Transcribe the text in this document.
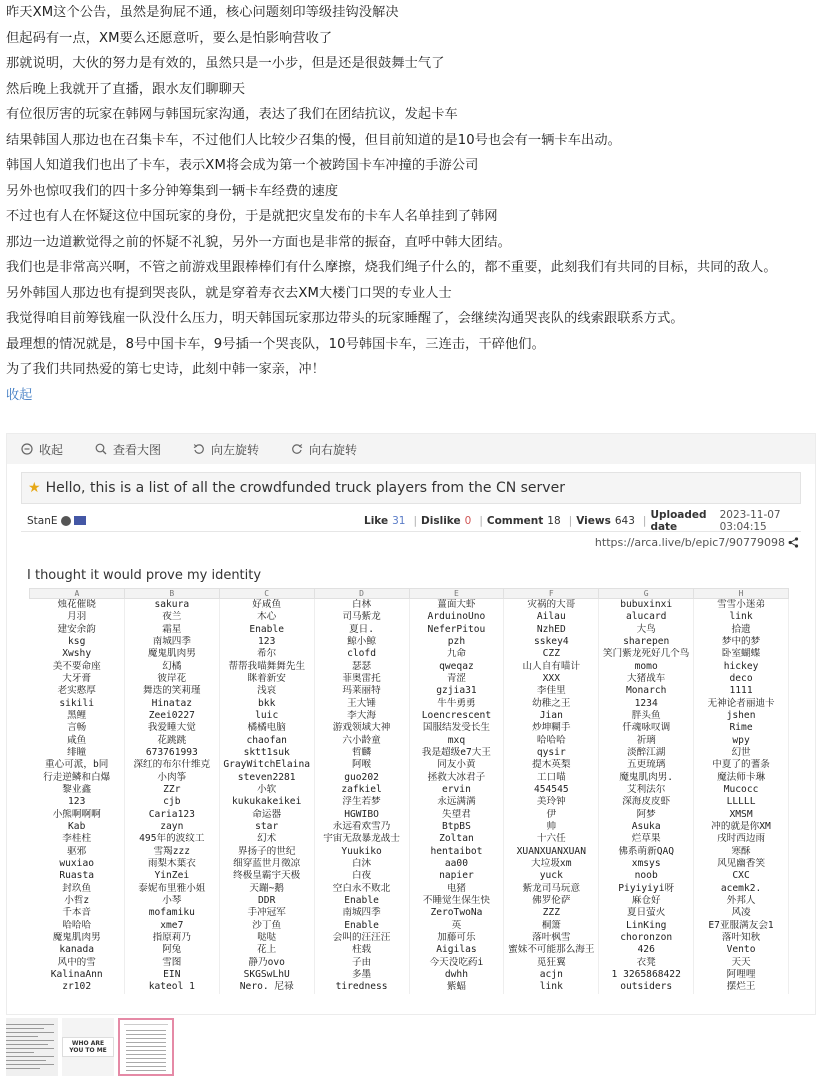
昨天XM这个公告，虽然是狗屁不通，核心问题刻印等级挂钩没解决
但起码有一点，XM要么还愿意听，要么是怕影响营收了
那就说明，大伙的努力是有效的，虽然只是一小步，但是还是很鼓舞士气了
然后晚上我就开了直播，跟水友们聊聊天
有位很厉害的玩家在韩网与韩国玩家沟通，表达了我们在团结抗议，发起卡车
结果韩国人那边也在召集卡车，不过他们人比较少召集的慢，但目前知道的是10号也会有一辆卡车出动。
韩国人知道我们也出了卡车，表示XM将会成为第一个被跨国卡车冲撞的手游公司
另外也惊叹我们的四十多分钟筹集到一辆卡车经费的速度
不过也有人在怀疑这位中国玩家的身份，于是就把灾皇发布的卡车人名单挂到了韩网
那边一边道歉觉得之前的怀疑不礼貌，另外一方面也是非常的振奋，直呼中韩大团结。
我们也是非常高兴啊，不管之前游戏里跟棒棒们有什么摩擦，烧我们绳子什么的，都不重要，此刻我们有共同的目标，共同的敌人。
另外韩国人那边也有提到哭丧队，就是穿着寿衣去XM大楼门口哭的专业人士
我觉得咱目前筹钱雇一队没什么压力，明天韩国玩家那边带头的玩家睡醒了，会继续沟通哭丧队的线索跟联系方式。
最理想的情况就是，8号中国卡车，9号插一个哭丧队，10号韩国卡车，三连击，干碎他们。
为了我们共同热爱的第七史诗，此刻中韩一家亲，冲！
收起
收起	查看大图	向左旋转	向右旋转
★ Hello, this is a list of all the crowdfunded truck players from the CN server
StanE	Like 31 | Dislike 0 | Comment 18 | Views 643 | Uploaded date
2023-11-07 03:04:15
https://arca.live/b/epic7/90779098
I thought it would prove my identity
A	B	C	D	E	F	G	H
烛花催晓	sakura	好咸鱼	白林	薑面大虾	灾祸的大哥	bubuxinxi	雪雪小迷弟
月羽	夜兰	木心	司马紫龙	ArduinoUno	Ailau	alucard	link
建安余韵	霜星	Enable	夏日.	NeferPitou	NzhED	大鸟	拾遗
ksg	南城四季	123	鲸小鲸	pzh	sskey4	sharepen	梦中的梦
Xwshy	魔鬼肌肉男	希尔	clofd	九命	CZZ	笑门紫龙死好几个鸟	卧室蝴蝶
美不要命座	幻橘	帮帮我喵舞舞先生	瑟瑟	qweqaz	山人自有喵计	momo	hickey
大牙膏	彼岸花	眯着新安	菲奥雷托	青涩	XXX	大猪战车	deco
老实憨厚	舞迭的笑莉瑾	浅哀	玛莱丽特	gzjia31	李佳里	Monarch	1111
sikili	Hinataz	bkk	王大锤	牛牛勇勇	幼稚之王	1234	无神论者丽迪卡
黑鲤	Zeei0227	luic	李大海	Loencrescent	Jian	胖头鱼	jshen
言畅	我爱睡大觉	橘橘电脑	游戏领域大神	国服结发受长生	炒坤糊手	仟魂咏叹调	Rime
咸鱼	花跳跳	chaofan	六小龄童	mxq	哈哈哈	祈璃	wpy
绯瞳	673761993	sktt1suk	哲麟	我是超级e7大王	qysir	淡醉江湖	幻世
重心可派，b同	深红的布尔什维克	GrayWitchElaina	阿喉	同友小黄	提木英梨	五更琉璃	中夏了的蓍条
行走逆鳞和白爆	小肉筝	steven2281	guo202	拯救大冰君子	工口喵	魔鬼肌肉男.	魔法师卡琳
黎业鑫	ZZr	小软	zafkiel	ervin	454545	艾利法尔	Mucocc
123	cjb	kukukakeikei	浮生若梦	永远满满	美玲钟	深海皮皮虾	LLLLL
小熊啊啊啊	Caria123	命运器	HGWIBO	失望君	伊	阿梦	XMSM
Kab	zayn	star	永远看欢雪乃	BtpBS	帅	Asuka	冲的就是你XM
李桂柱	495年的波纹工	幻术	宇宙无敌暴龙战士	Zoltan	十六任	烂草果	戌时西边雨
驱邪	雪羯zzz	界扬子的世纪	Yuukiko	hentaibot	XUANXUANXUAN	佛系萌新QAQ	寒酥
wuxiao	雨梨木葉衣	细穿蓝世月徵凉	白沐	aa00	大垃圾xm	xmsys	风见幽香笑
Ruasta	YinZei	终极皇霸宇天极	白夜	napier	yuck	noob	CXC
封玖鱼	泰妮布里雅小姐	天蹦~鹅	空白永不败北	电猪	紫龙司马玩意	Piyiyiyi呀	acemk2.
小哲z	小琴	DDR	Enable	不睡觉生保生快	佛罗伦萨	麻仓好	外邦人
千本音	mofamiku	手冲冠军	南城四季	ZeroTwoNa	ZZZ	夏日萤火	风凌
哈哈哈	xme7	沙丁鱼	Enable	英	桐箫	LinKing	E7亚服满友会1
魔鬼肌肉男	指原莉乃	哒哒	会叫的汪汪汪	加藤可乐	落叶枫雪	choronzon	落叶知秋
kanada	阿兔	花上	柱载	Aigilas	蜜妹不可能那么海王	426	Vento
风中的雪	雪图	静乃ovo	子由	今天没吃药i	觅狂翼	衣凳	天天
KalinaAnn	EIN	SKGSwLhU	多墨	dwhh	acjn	1 3265868422	阿哩哩
zr102	kateol 1	Nero. 尼禄	tiredness	紫蝠	link	outsiders	摆烂王
WHO ARE YOU TO ME
